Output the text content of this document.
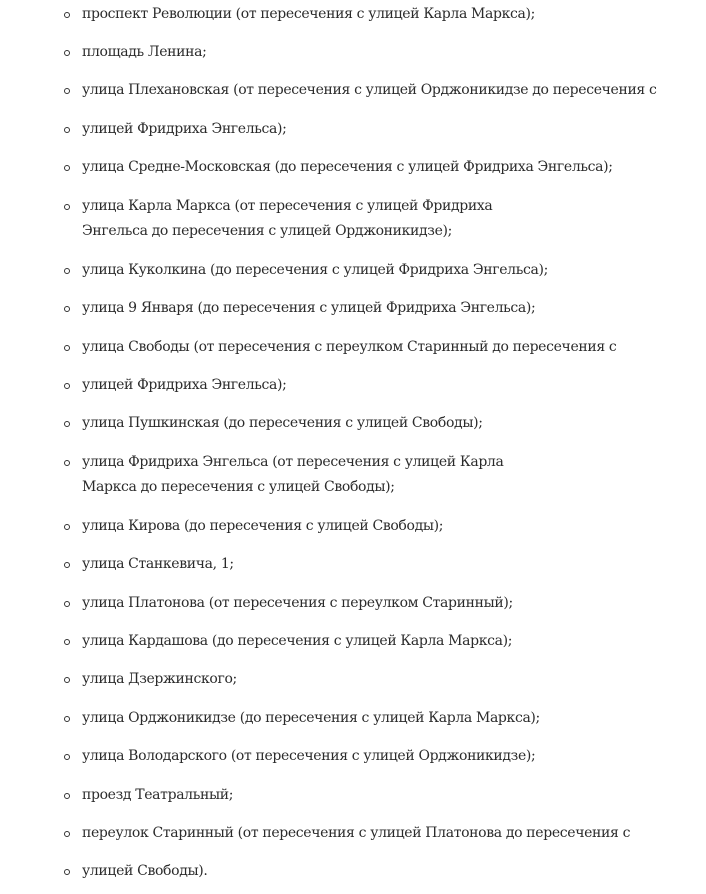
проспект Революции (от пересечения с улицей Карла Маркса);
площадь Ленина;
улица Плехановская (от пересечения с улицей Орджоникидзе до пересечения с
улицей Фридриха Энгельса);
улица Средне-Московская (до пересечения с улицей Фридриха Энгельса);
улица Карла Маркса (от пересечения с улицей Фридриха Энгельса до пересечения с улицей Орджоникидзе);
улица Куколкина (до пересечения с улицей Фридриха Энгельса);
улица 9 Января (до пересечения с улицей Фридриха Энгельса);
улица Свободы (от пересечения с переулком Старинный до пересечения с
улицей Фридриха Энгельса);
улица Пушкинская (до пересечения с улицей Свободы);
улица Фридриха Энгельса (от пересечения с улицей Карла Маркса до пересечения с улицей Свободы);
улица Кирова (до пересечения с улицей Свободы);
улица Станкевича, 1;
улица Платонова (от пересечения с переулком Старинный);
улица Кардашова (до пересечения с улицей Карла Маркса);
улица Дзержинского;
улица Орджоникидзе (до пересечения с улицей Карла Маркса);
улица Володарского (от пересечения с улицей Орджоникидзе);
проезд Театральный;
переулок Старинный (от пересечения с улицей Платонова до пересечения с
улицей Свободы).
